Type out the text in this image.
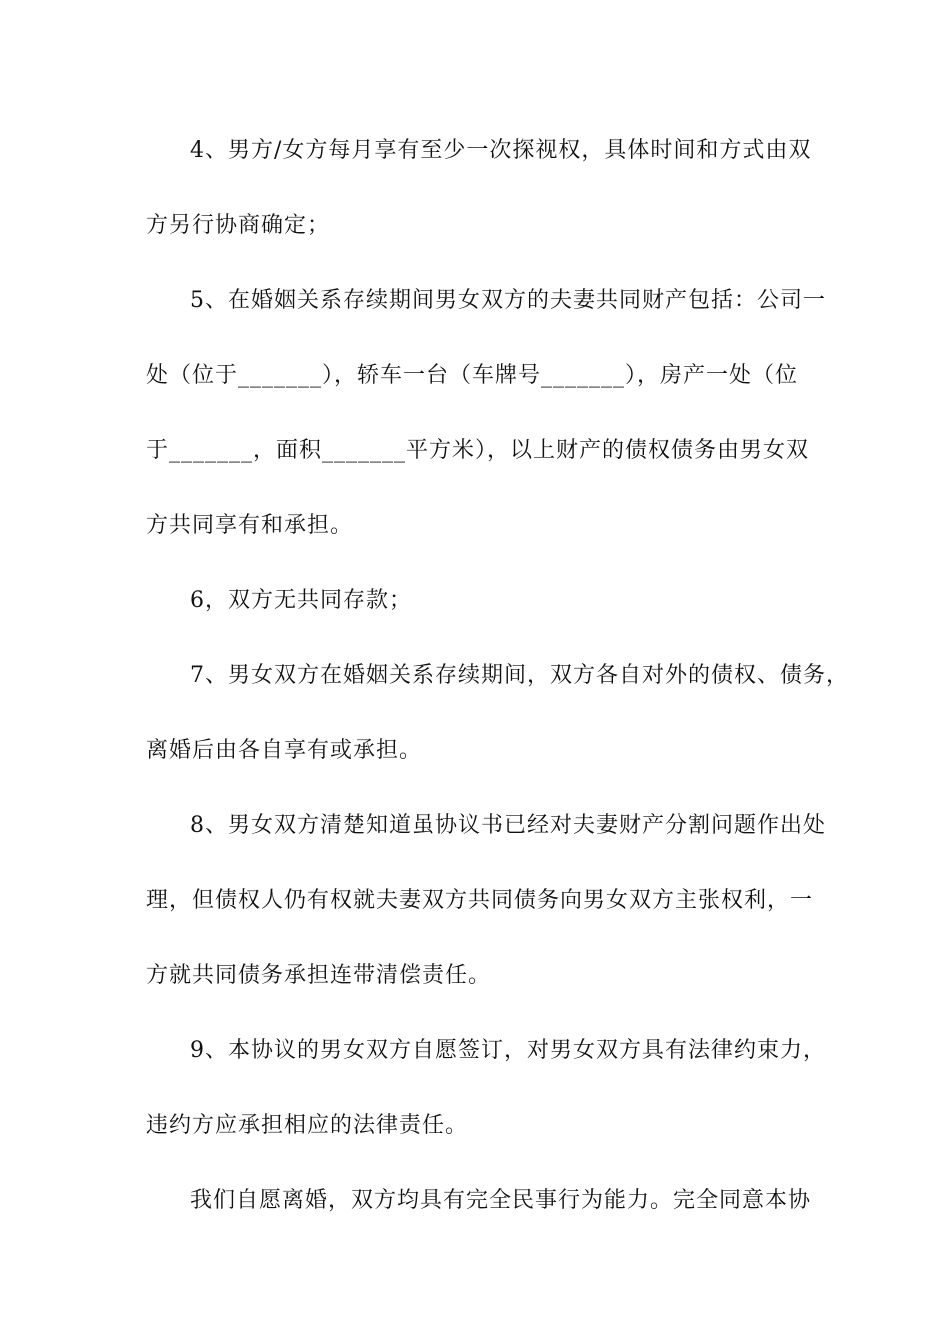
4、男方/女方每月享有至少一次探视权，具体时间和方式由双
方另行协商确定；
5、在婚姻关系存续期间男女双方的夫妻共同财产包括：公司一
处（位于_______），轿车一台（车牌号_______），房产一处（位
于_______，面积_______平方米），以上财产的债权债务由男女双
方共同享有和承担。
6，双方无共同存款；
7、男女双方在婚姻关系存续期间，双方各自对外的债权、债务，
离婚后由各自享有或承担。
8、男女双方清楚知道虽协议书已经对夫妻财产分割问题作出处
理，但债权人仍有权就夫妻双方共同债务向男女双方主张权利，一
方就共同债务承担连带清偿责任。
9、本协议的男女双方自愿签订，对男女双方具有法律约束力，
违约方应承担相应的法律责任。
我们自愿离婚，双方均具有完全民事行为能力。完全同意本协
